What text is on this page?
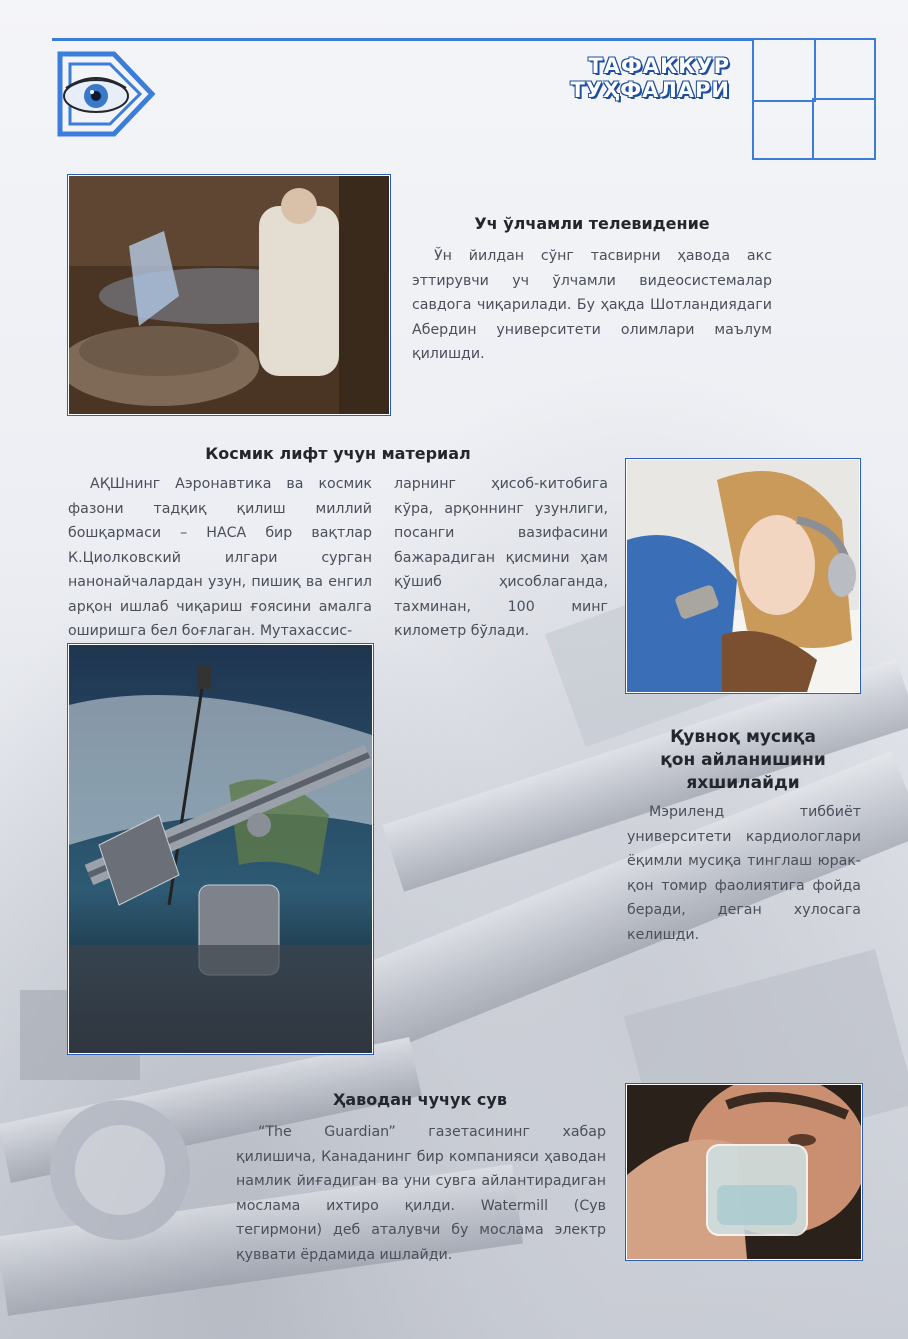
ТАФАККУР ТУҲФАЛАРИ
Уч ўлчамли телевидение

Ўн йилдан сўнг тасвирни ҳавода акс эттирувчи уч ўлчамли видеосистемалар савдога чиқарилади. Бу ҳақда Шотландиядаги Абердин университети олимлари маълум қилишди.

Космик лифт учун материал

АҚШнинг Аэронавтика ва космик фазони тадқиқ қилиш миллий бошқармаси – НАСА бир вақтлар К.Циолковский илгари сурган нанонайчалардан узун, пишиқ ва енгил арқон ишлаб чиқариш ғоясини амалга оширишга бел боғлаган. Мутахассис-

ларнинг ҳисоб-китобига кўра, арқоннинг узунлиги, посанги вазифасини бажарадиган қисмини ҳам қўшиб ҳисоблаганда, тахминан, 100 минг километр бўлади.

Қувноқ мусиқа
қон айланишини
яхшилайди

Мэриленд тиббиёт университети кардиологлари ёқимли мусиқа тинглаш юрак-қон томир фаолиятига фойда беради, деган хулосага келишди.

Ҳаводан чучук сув

“The Guardian” газетасининг хабар қилишича, Канаданинг бир компанияси ҳаводан намлик йиғадиган ва уни сувга айлантирадиган мослама ихтиро қилди. Watermill (Сув тегирмони) деб аталувчи бу мослама электр қуввати ёрдамида ишлайди.
